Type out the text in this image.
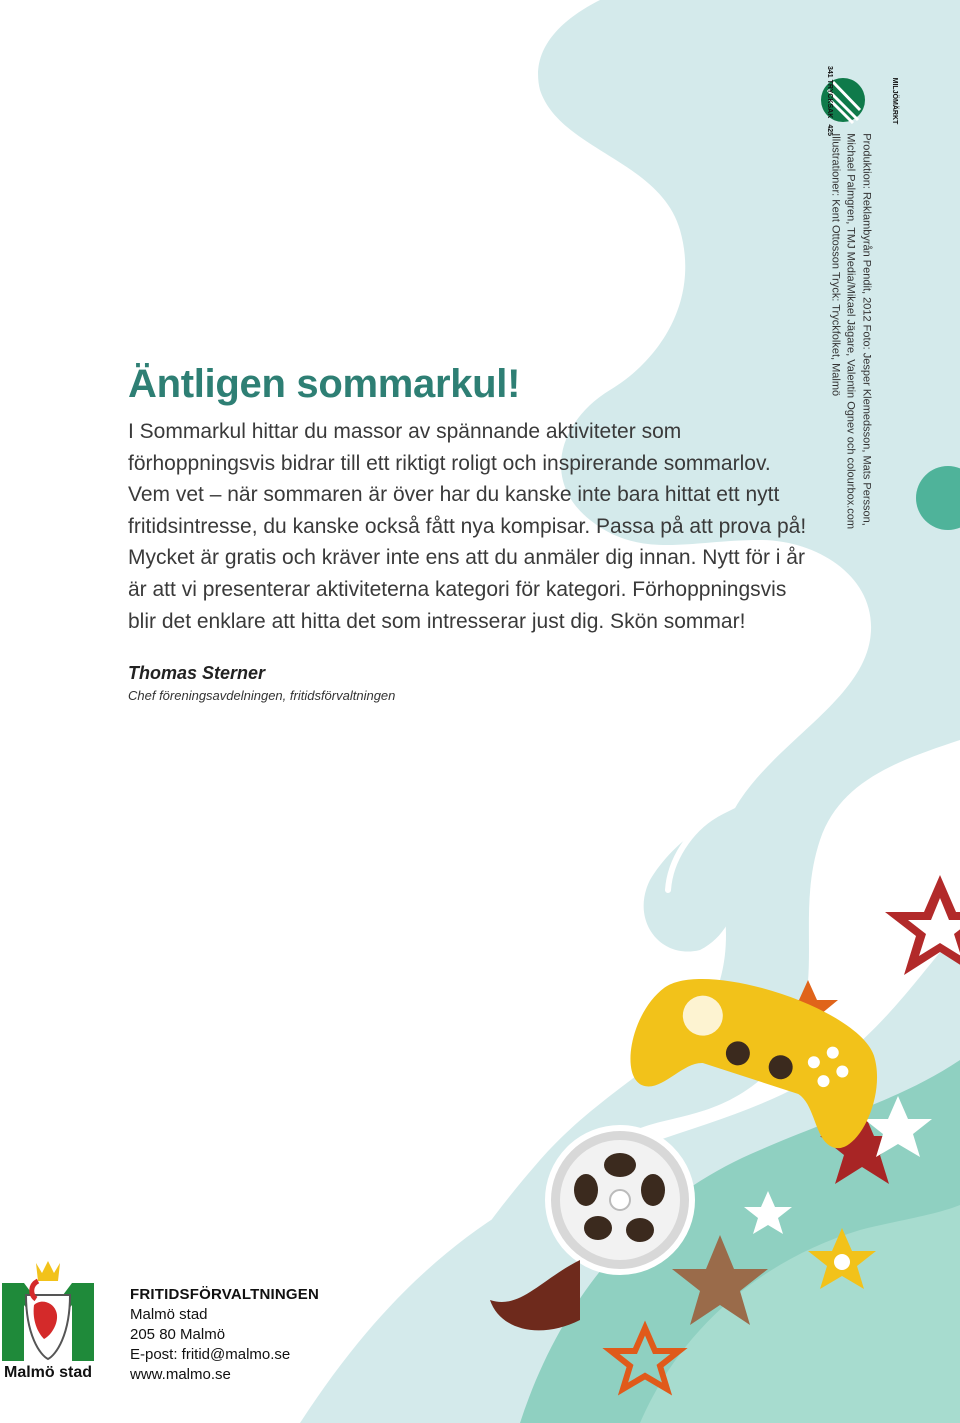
MILJÖMÄRKT
341 TRYCKSAK
425
Produktion: Reklambyrån Pendit, 2012 Foto: Jesper Klemedsson, Mats Persson,
Michael Palmgren, TMJ Media/Mikael Jägare, Valentin Ognev och colourbox.com
Illustrationer: Kent Ottosson Tryck: Tryckfolket, Malmö
Äntligen sommarkul!

I Sommarkul hittar du massor av spännande aktiviteter som förhoppningsvis bidrar till ett riktigt roligt och inspirerande sommarlov. Vem vet – när sommaren är över har du kanske inte bara hittat ett nytt fritidsintresse, du kanske också fått nya kompisar. Passa på att prova på! Mycket är gratis och kräver inte ens att du anmäler dig innan. Nytt för i år är att vi presenterar aktiviteterna kategori för kategori. Förhoppningsvis blir det enklare att hitta det som intresserar just dig. Skön sommar!

Thomas Sterner
Chef föreningsavdelningen, fritidsförvaltningen
Malmö stad
FRITIDSFÖRVALTNINGEN
Malmö stad
205 80 Malmö
E-post: fritid@malmo.se
www.malmo.se
